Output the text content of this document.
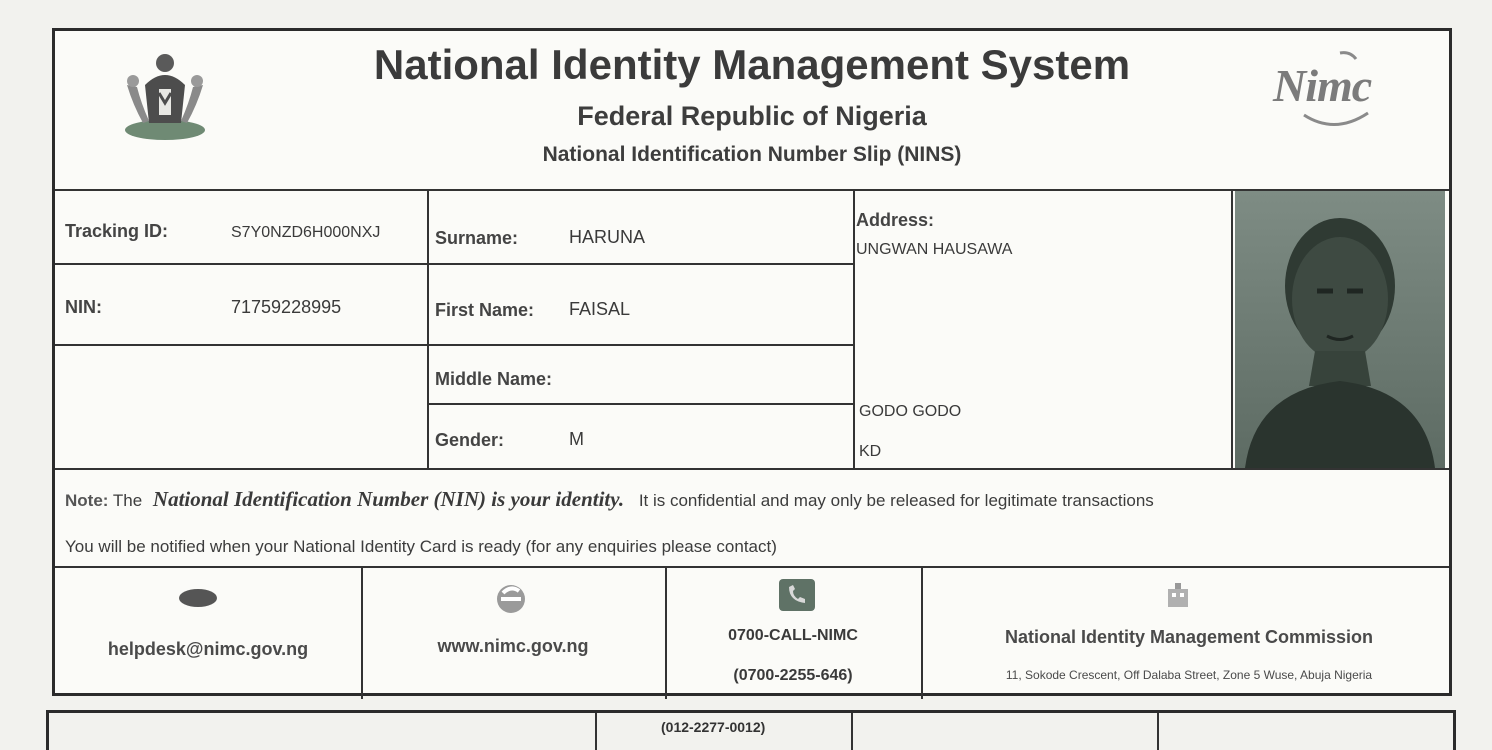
National Identity Management System
Federal Republic of Nigeria
National Identification Number Slip (NINS)
Nimc
Tracking ID:	S7Y0NZD6H000NXJ
NIN:	71759228995
Surname:	HARUNA
First Name: FAISAL
Middle Name:
Gender:	M
Address:
UNGWAN HAUSAWA
GODO GODO
KD
Note: The National Identification Number (NIN) is your identity. It is confidential and may only be released for legitimate transactions
You will be notified when your National Identity Card is ready (for any enquiries please contact)
helpdesk@nimc.gov.ng	www.nimc.gov.ng
0700-CALL-NIMC
(0700-2255-646)
National Identity Management Commission
11, Sokode Crescent, Off Dalaba Street, Zone 5 Wuse, Abuja Nigeria
(012-2277-0012)
